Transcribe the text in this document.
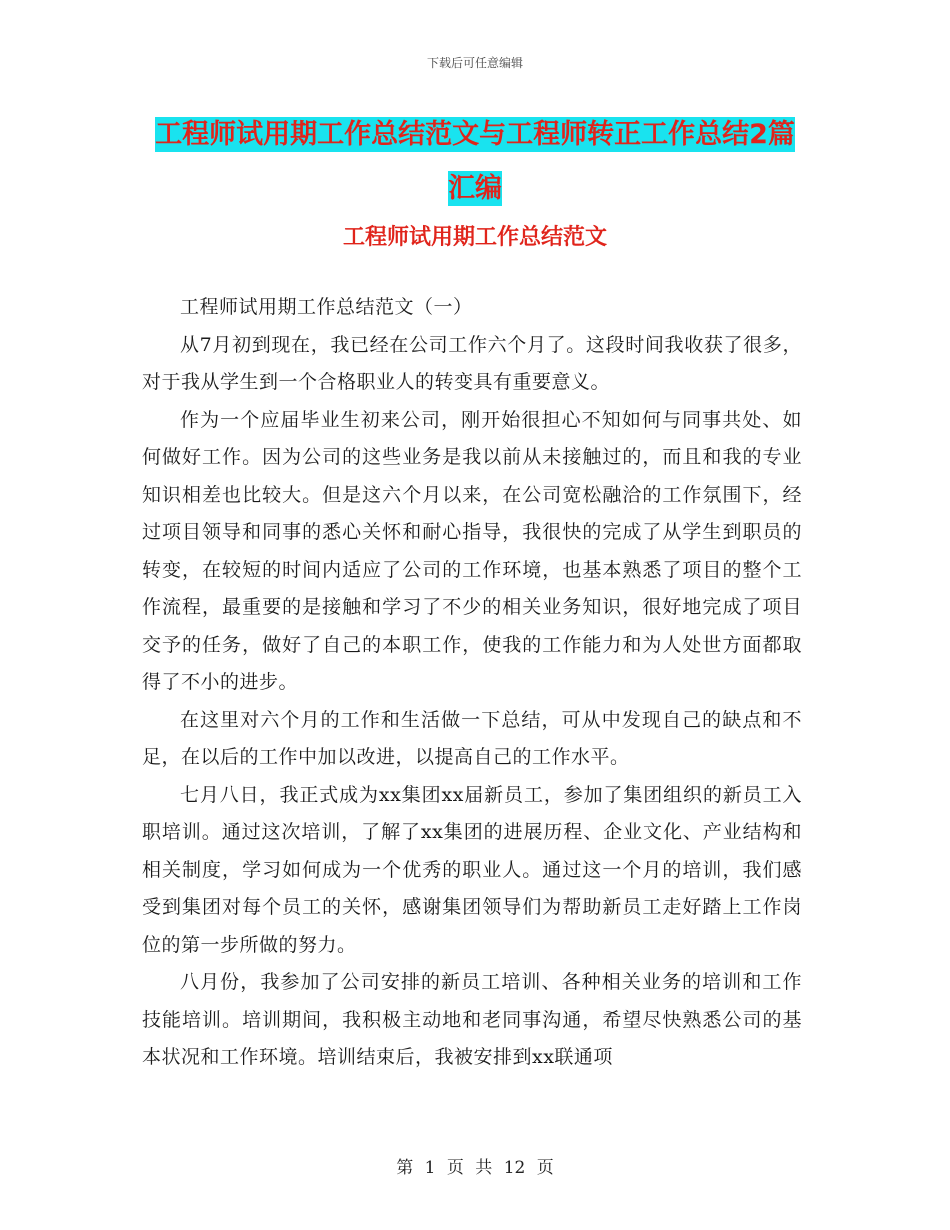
下载后可任意编辑
工程师试用期工作总结范文与工程师转正工作总结2篇汇编
工程师试用期工作总结范文

工程师试用期工作总结范文（一）

从7月初到现在，我已经在公司工作六个月了。这段时间我收获了很多，对于我从学生到一个合格职业人的转变具有重要意义。

作为一个应届毕业生初来公司，刚开始很担心不知如何与同事共处、如何做好工作。因为公司的这些业务是我以前从未接触过的，而且和我的专业知识相差也比较大。但是这六个月以来，在公司宽松融洽的工作氛围下，经过项目领导和同事的悉心关怀和耐心指导，我很快的完成了从学生到职员的转变，在较短的时间内适应了公司的工作环境，也基本熟悉了项目的整个工作流程，最重要的是接触和学习了不少的相关业务知识，很好地完成了项目交予的任务，做好了自己的本职工作，使我的工作能力和为人处世方面都取得了不小的进步。

在这里对六个月的工作和生活做一下总结，可从中发现自己的缺点和不足，在以后的工作中加以改进，以提高自己的工作水平。

七月八日，我正式成为xx集团xx届新员工，参加了集团组织的新员工入职培训。通过这次培训，了解了xx集团的进展历程、企业文化、产业结构和相关制度，学习如何成为一个优秀的职业人。通过这一个月的培训，我们感受到集团对每个员工的关怀，感谢集团领导们为帮助新员工走好踏上工作岗位的第一步所做的努力。

八月份，我参加了公司安排的新员工培训、各种相关业务的培训和工作技能培训。培训期间，我积极主动地和老同事沟通，希望尽快熟悉公司的基本状况和工作环境。培训结束后，我被安排到xx联通项

第 1 页 共 12 页
